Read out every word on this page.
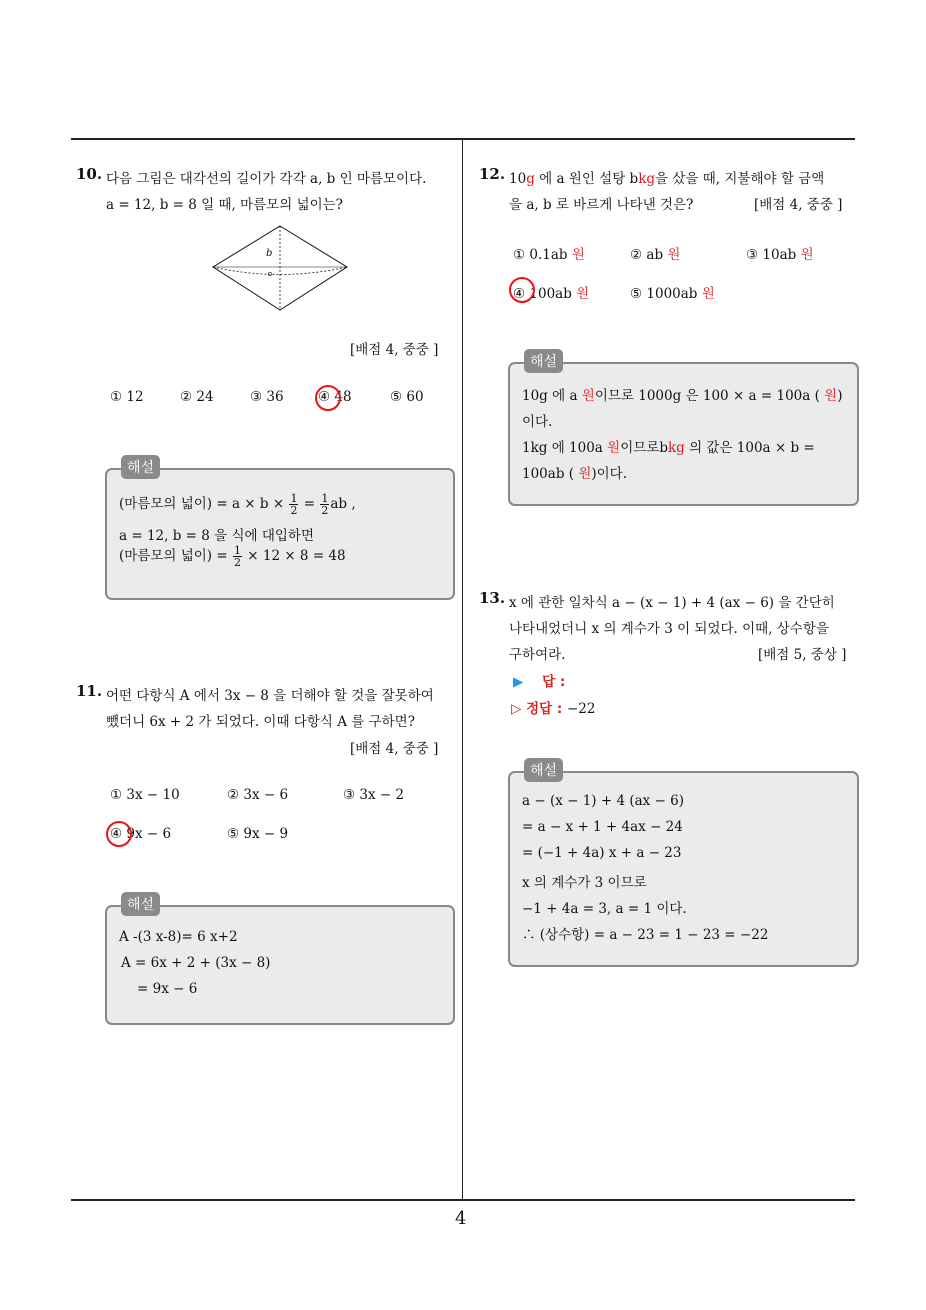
4
10. 다음 그림은 대각선의 길이가 각각 a, b 인 마름모이다.
a = 12, b = 8 일 때, 마름모의 넓이는?
b
[배점 4, 중중 ]
① 12	② 24	③ 36	④ 48	⑤ 60
해설
(마름모의 넓이) = $a \times b \times \frac{1}{2} = \frac{1}{2}$ ab ,
a = 12, b = 8 을 식에 대입하면
(마름모의 넓이) = $\frac{1}{2} \times 12 \times 8 = 48$
11. 어떤 다항식 A 에서 3x − 8 을 더해야 할 것을 잘못하여
뺐더니 6x + 2 가 되었다. 이때 다항식 A 를 구하면?
[배점 4, 중중 ]
① 3x − 10	② 3x − 6	③ 3x − 2
④ 9x − 6	⑤ 9x − 9
해설
A -(3 x-8)= 6 x+2
A = 6x + 2 + (3x − 8)
= 9x − 6
12. 10g 에 a 원인 설탕 bkg을 샀을 때, 지불해야 할 금액
을 a, b 로 바르게 나타낸 것은?	[배점 4, 중중 ]
① 0.1ab 원	② ab 원	③ 10ab 원
④ 100ab 원	⑤ 1000ab 원
해설
10g 에 a 원이므로 1000g 은 100 × a = 100a ( 원)
이다.
1kg 에 100a 원이므로bkg 의 값은 100a × b =
100ab ( 원)이다.
13. x 에 관한 일차식 a − (x − 1) + 4 (ax − 6) 을 간단히
나타내었더니 x 의 계수가 3 이 되었다. 이때, 상수항을
구하여라.	[배점 5, 중상 ]
▶ 답 :
▷ 정답 : −22
해설
a − (x − 1) + 4 (ax − 6)
= a − x + 1 + 4ax − 24
= (−1 + 4a) x + a − 23
x 의 계수가 3 이므로
−1 + 4a = 3, a = 1 이다.
∴ (상수항) = a − 23 = 1 − 23 = −22
